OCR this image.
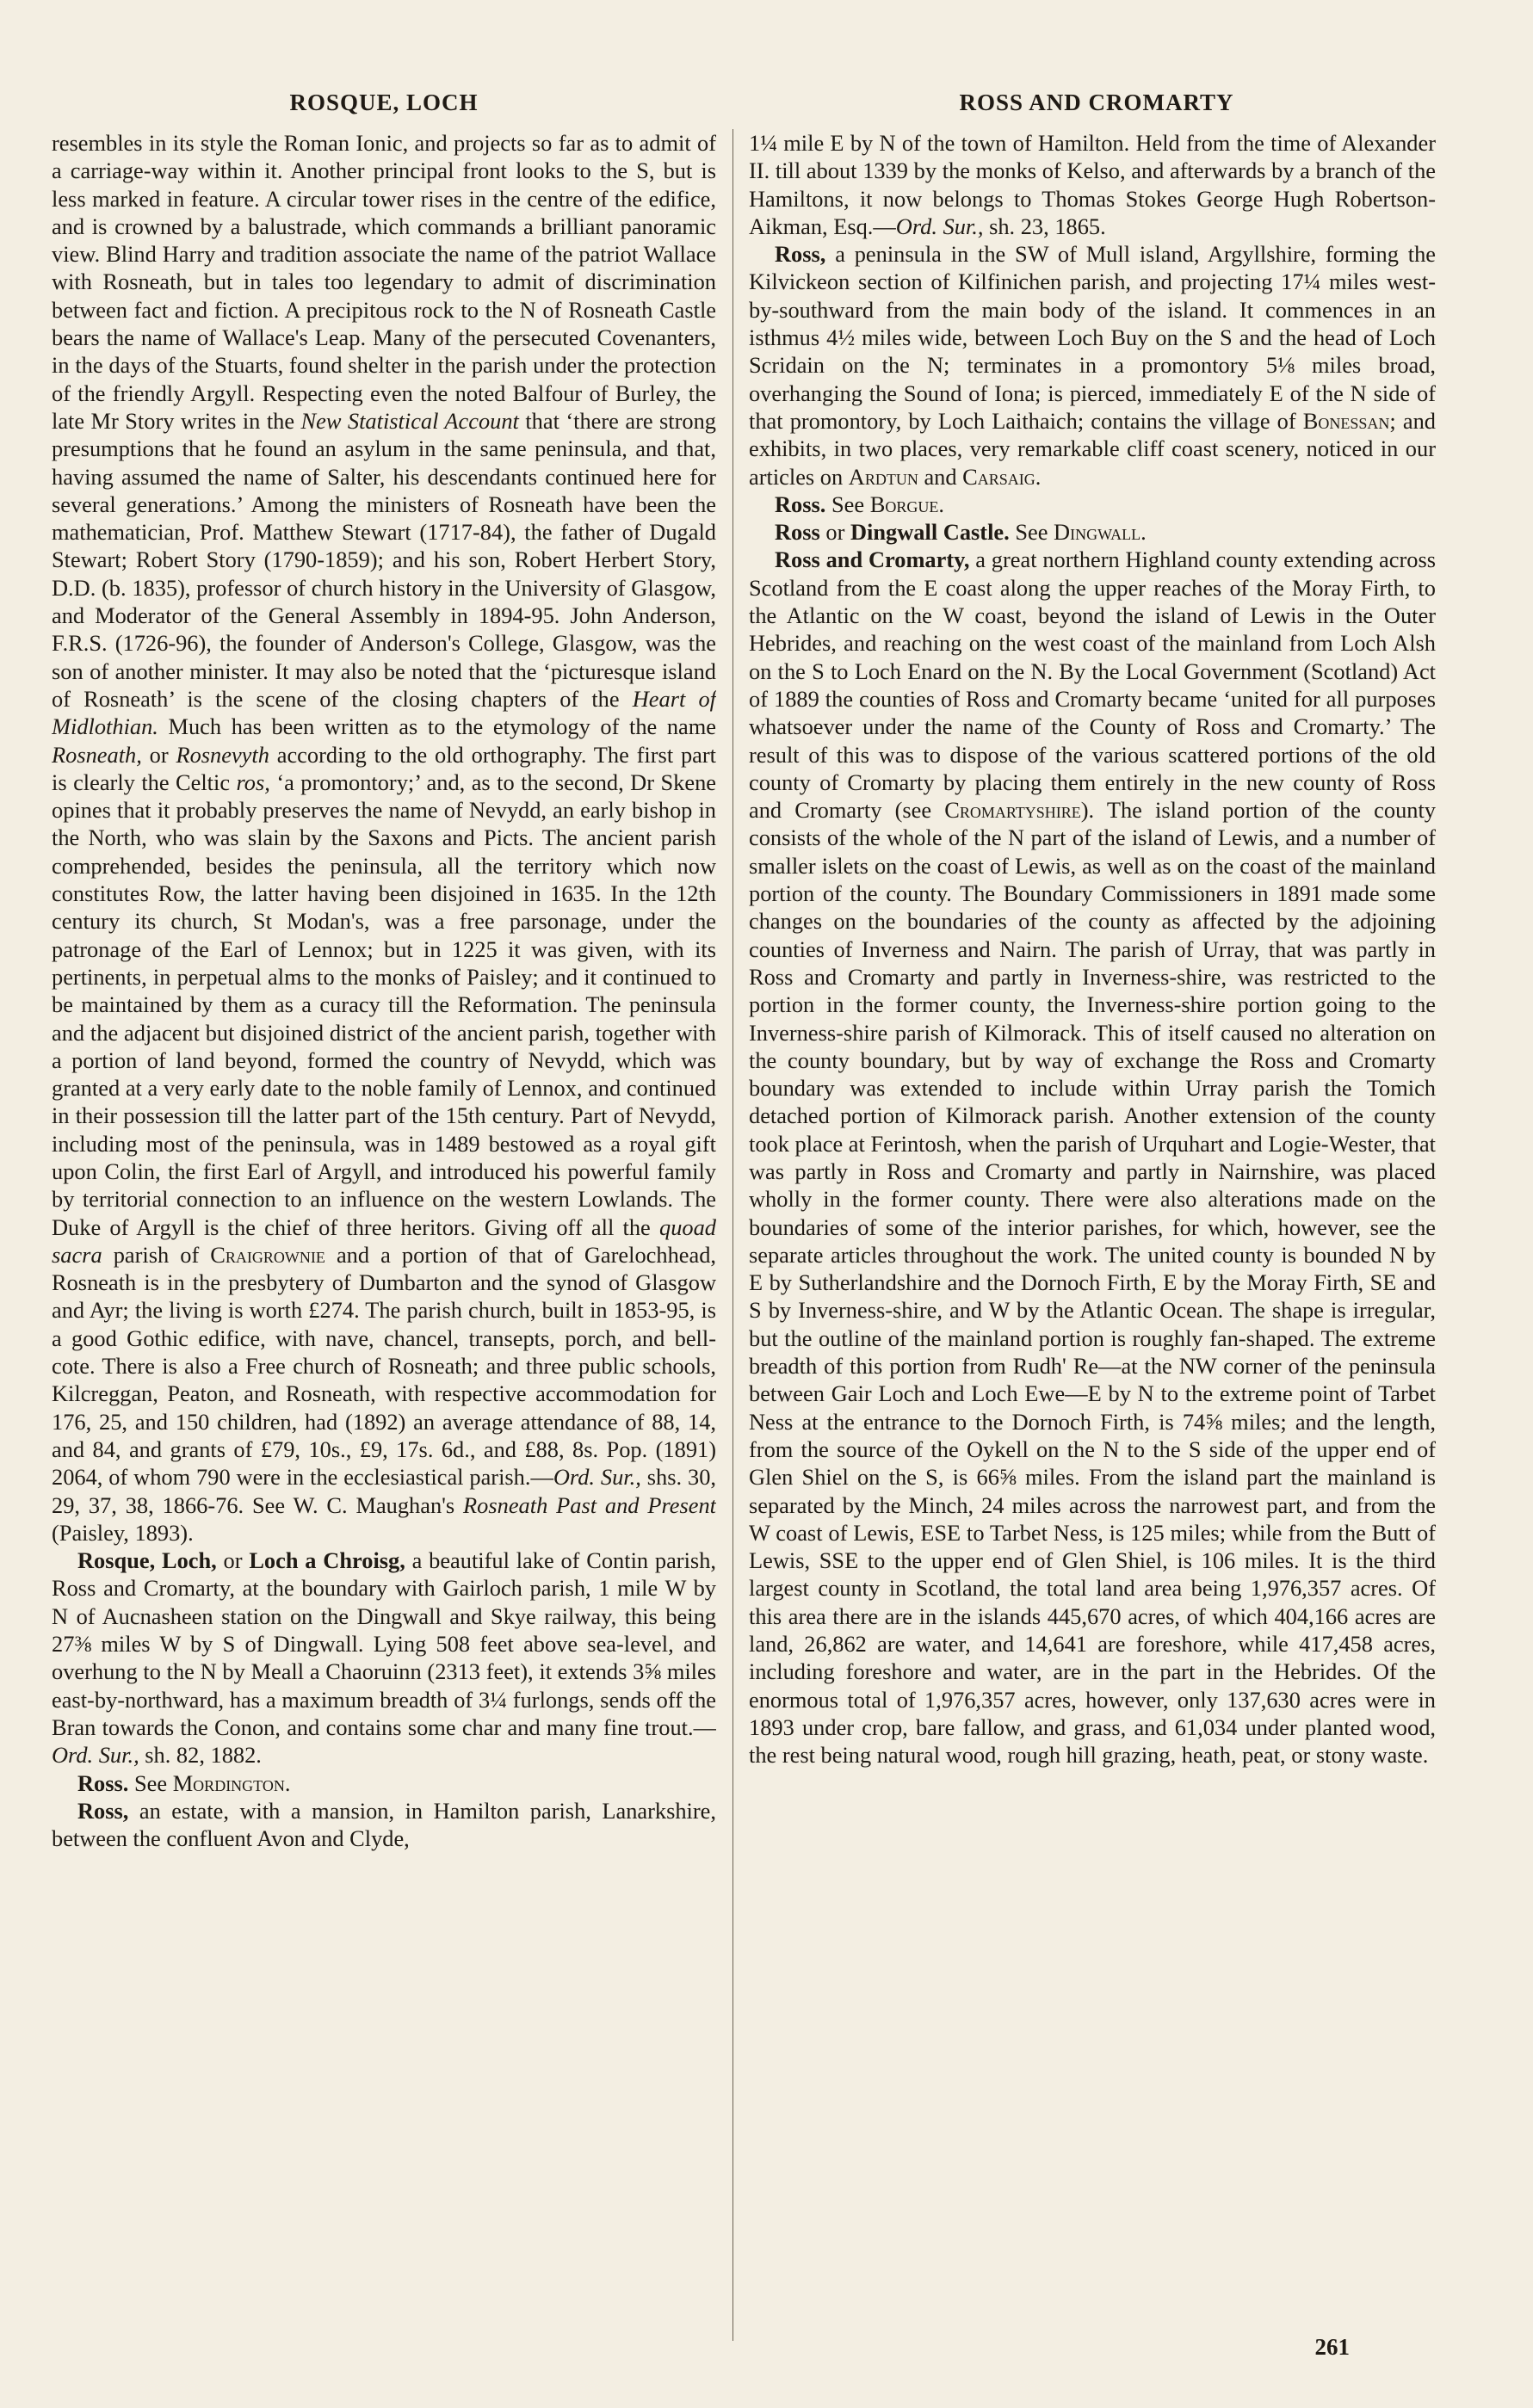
ROSQUE, LOCH	ROSS AND CROMARTY

resembles in its style the Roman Ionic, and projects so far as to admit of a carriage-way within it. Another principal front looks to the S, but is less marked in feature. A circular tower rises in the centre of the edifice, and is crowned by a balustrade, which commands a brilliant panoramic view. Blind Harry and tradition associate the name of the patriot Wallace with Rosneath, but in tales too legendary to admit of discrimination between fact and fiction. A precipitous rock to the N of Rosneath Castle bears the name of Wallace's Leap. Many of the persecuted Covenanters, in the days of the Stuarts, found shelter in the parish under the protection of the friendly Argyll. Respecting even the noted Balfour of Burley, the late Mr Story writes in the New Statistical Account that ‘there are strong presumptions that he found an asylum in the same peninsula, and that, having assumed the name of Salter, his descendants continued here for several generations.’ Among the ministers of Rosneath have been the mathematician, Prof. Matthew Stewart (1717-84), the father of Dugald Stewart; Robert Story (1790-1859); and his son, Robert Herbert Story, D.D. (b. 1835), professor of church history in the University of Glasgow, and Moderator of the General Assembly in 1894-95. John Anderson, F.R.S. (1726-96), the founder of Anderson's College, Glasgow, was the son of another minister. It may also be noted that the ‘picturesque island of Rosneath’ is the scene of the closing chapters of the Heart of Midlothian. Much has been written as to the etymology of the name Rosneath, or Rosnevyth according to the old orthography. The first part is clearly the Celtic ros, ‘a promontory;’ and, as to the second, Dr Skene opines that it probably preserves the name of Nevydd, an early bishop in the North, who was slain by the Saxons and Picts. The ancient parish comprehended, besides the peninsula, all the territory which now constitutes Row, the latter having been disjoined in 1635. In the 12th century its church, St Modan's, was a free parsonage, under the patronage of the Earl of Lennox; but in 1225 it was given, with its pertinents, in perpetual alms to the monks of Paisley; and it continued to be maintained by them as a curacy till the Reformation. The peninsula and the adjacent but disjoined district of the ancient parish, together with a portion of land beyond, formed the country of Nevydd, which was granted at a very early date to the noble family of Lennox, and continued in their possession till the latter part of the 15th century. Part of Nevydd, including most of the peninsula, was in 1489 bestowed as a royal gift upon Colin, the first Earl of Argyll, and introduced his powerful family by territorial connection to an influence on the western Lowlands. The Duke of Argyll is the chief of three heritors. Giving off all the quoad sacra parish of Craigrownie and a portion of that of Garelochhead, Rosneath is in the presbytery of Dumbarton and the synod of Glasgow and Ayr; the living is worth £274. The parish church, built in 1853-95, is a good Gothic edifice, with nave, chancel, transepts, porch, and bell-cote. There is also a Free church of Rosneath; and three public schools, Kilcreggan, Peaton, and Rosneath, with respective accommodation for 176, 25, and 150 children, had (1892) an average attendance of 88, 14, and 84, and grants of £79, 10s., £9, 17s. 6d., and £88, 8s. Pop. (1891) 2064, of whom 790 were in the ecclesiastical parish.—Ord. Sur., shs. 30, 29, 37, 38, 1866-76. See W. C. Maughan's Rosneath Past and Present (Paisley, 1893).

Rosque, Loch, or Loch a Chroisg, a beautiful lake of Contin parish, Ross and Cromarty, at the boundary with Gairloch parish, 1 mile W by N of Aucnasheen station on the Dingwall and Skye railway, this being 27⅜ miles W by S of Dingwall. Lying 508 feet above sea-level, and overhung to the N by Meall a Chaoruinn (2313 feet), it extends 3⅝ miles east-by-northward, has a maximum breadth of 3¼ furlongs, sends off the Bran towards the Conon, and contains some char and many fine trout.—Ord. Sur., sh. 82, 1882.

Ross. See Mordington.

Ross, an estate, with a mansion, in Hamilton parish, Lanarkshire, between the confluent Avon and Clyde,

1¼ mile E by N of the town of Hamilton. Held from the time of Alexander II. till about 1339 by the monks of Kelso, and afterwards by a branch of the Hamiltons, it now belongs to Thomas Stokes George Hugh Robertson-Aikman, Esq.—Ord. Sur., sh. 23, 1865.

Ross, a peninsula in the SW of Mull island, Argyllshire, forming the Kilvickeon section of Kilfinichen parish, and projecting 17¼ miles west-by-southward from the main body of the island. It commences in an isthmus 4½ miles wide, between Loch Buy on the S and the head of Loch Scridain on the N; terminates in a promontory 5⅛ miles broad, overhanging the Sound of Iona; is pierced, immediately E of the N side of that promontory, by Loch Laithaich; contains the village of Bonessan; and exhibits, in two places, very remarkable cliff coast scenery, noticed in our articles on Ardtun and Carsaig.

Ross. See Borgue.

Ross or Dingwall Castle. See Dingwall.

Ross and Cromarty, a great northern Highland county extending across Scotland from the E coast along the upper reaches of the Moray Firth, to the Atlantic on the W coast, beyond the island of Lewis in the Outer Hebrides, and reaching on the west coast of the mainland from Loch Alsh on the S to Loch Enard on the N. By the Local Government (Scotland) Act of 1889 the counties of Ross and Cromarty became ‘united for all purposes whatsoever under the name of the County of Ross and Cromarty.’ The result of this was to dispose of the various scattered portions of the old county of Cromarty by placing them entirely in the new county of Ross and Cromarty (see Cromartyshire). The island portion of the county consists of the whole of the N part of the island of Lewis, and a number of smaller islets on the coast of Lewis, as well as on the coast of the mainland portion of the county. The Boundary Commissioners in 1891 made some changes on the boundaries of the county as affected by the adjoining counties of Inverness and Nairn. The parish of Urray, that was partly in Ross and Cromarty and partly in Inverness-shire, was restricted to the portion in the former county, the Inverness-shire portion going to the Inverness-shire parish of Kilmorack. This of itself caused no alteration on the county boundary, but by way of exchange the Ross and Cromarty boundary was extended to include within Urray parish the Tomich detached portion of Kilmorack parish. Another extension of the county took place at Ferintosh, when the parish of Urquhart and Logie-Wester, that was partly in Ross and Cromarty and partly in Nairnshire, was placed wholly in the former county. There were also alterations made on the boundaries of some of the interior parishes, for which, however, see the separate articles throughout the work. The united county is bounded N by E by Sutherlandshire and the Dornoch Firth, E by the Moray Firth, SE and S by Inverness-shire, and W by the Atlantic Ocean. The shape is irregular, but the outline of the mainland portion is roughly fan-shaped. The extreme breadth of this portion from Rudh' Re—at the NW corner of the peninsula between Gair Loch and Loch Ewe—E by N to the extreme point of Tarbet Ness at the entrance to the Dornoch Firth, is 74⅝ miles; and the length, from the source of the Oykell on the N to the S side of the upper end of Glen Shiel on the S, is 66⅝ miles. From the island part the mainland is separated by the Minch, 24 miles across the narrowest part, and from the W coast of Lewis, ESE to Tarbet Ness, is 125 miles; while from the Butt of Lewis, SSE to the upper end of Glen Shiel, is 106 miles. It is the third largest county in Scotland, the total land area being 1,976,357 acres. Of this area there are in the islands 445,670 acres, of which 404,166 acres are land, 26,862 are water, and 14,641 are foreshore, while 417,458 acres, including foreshore and water, are in the part in the Hebrides. Of the enormous total of 1,976,357 acres, however, only 137,630 acres were in 1893 under crop, bare fallow, and grass, and 61,034 under planted wood, the rest being natural wood, rough hill grazing, heath, peat, or stony waste.

261
